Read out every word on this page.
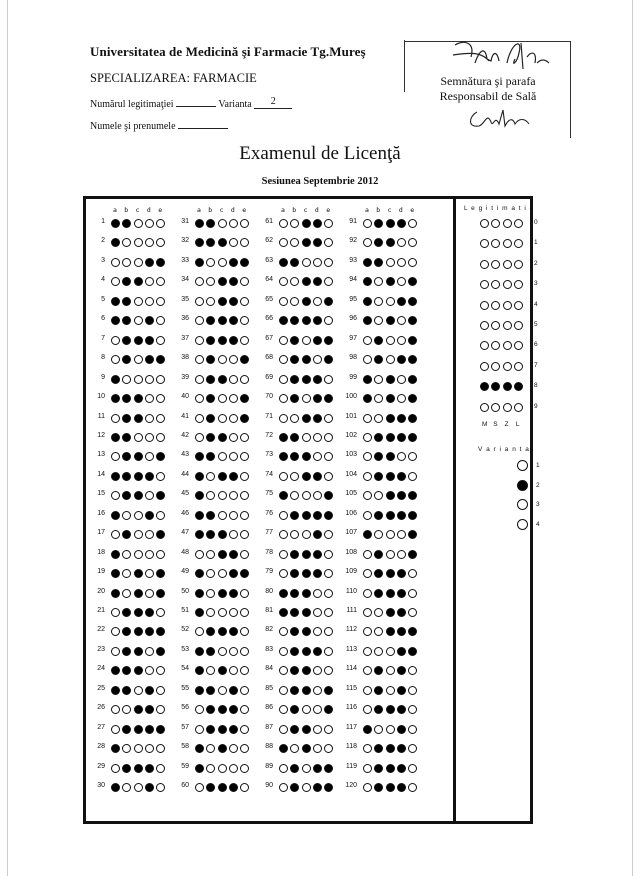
Universitatea de Medicină şi Farmacie Tg.Mureş
SPECIALIZAREA: FARMACIE
Numărul legitimaţiei	Varianta 2
Numele şi prenumele
Semnătura şi parafa
Responsabil de Sală
Examenul de Licenţă
Sesiunea Septembrie 2012
a b c d e
1
2
3
4
5
6
7
8
9
10
11
12
13
14
15
16
17
18
19
20
21
22
23
24
25
26
27
28
29
30
a b c d e
31
32
33
34
35
36
37
38
39
40
41
42
43
44
45
46
47
48
49
50
51
52
53
54
55
56
57
58
59
60
a b c d e
61
62
63
64
65
66
67
68
69
70
71
72
73
74
75
76
77
78
79
80
81
82
83
84
85
86
87
88
89
90
a b c d e
91
92
93
94
95
96
97
98
99
100
101
102
103
104
105
106
107
108
109
110
111
112
113
114
115
116
117
118
119
120
L e g i t i m a t i e
0
1
2
3
4
5
6
7
8
9
M S Z L
V a r i a n t a
1
2
3
4
